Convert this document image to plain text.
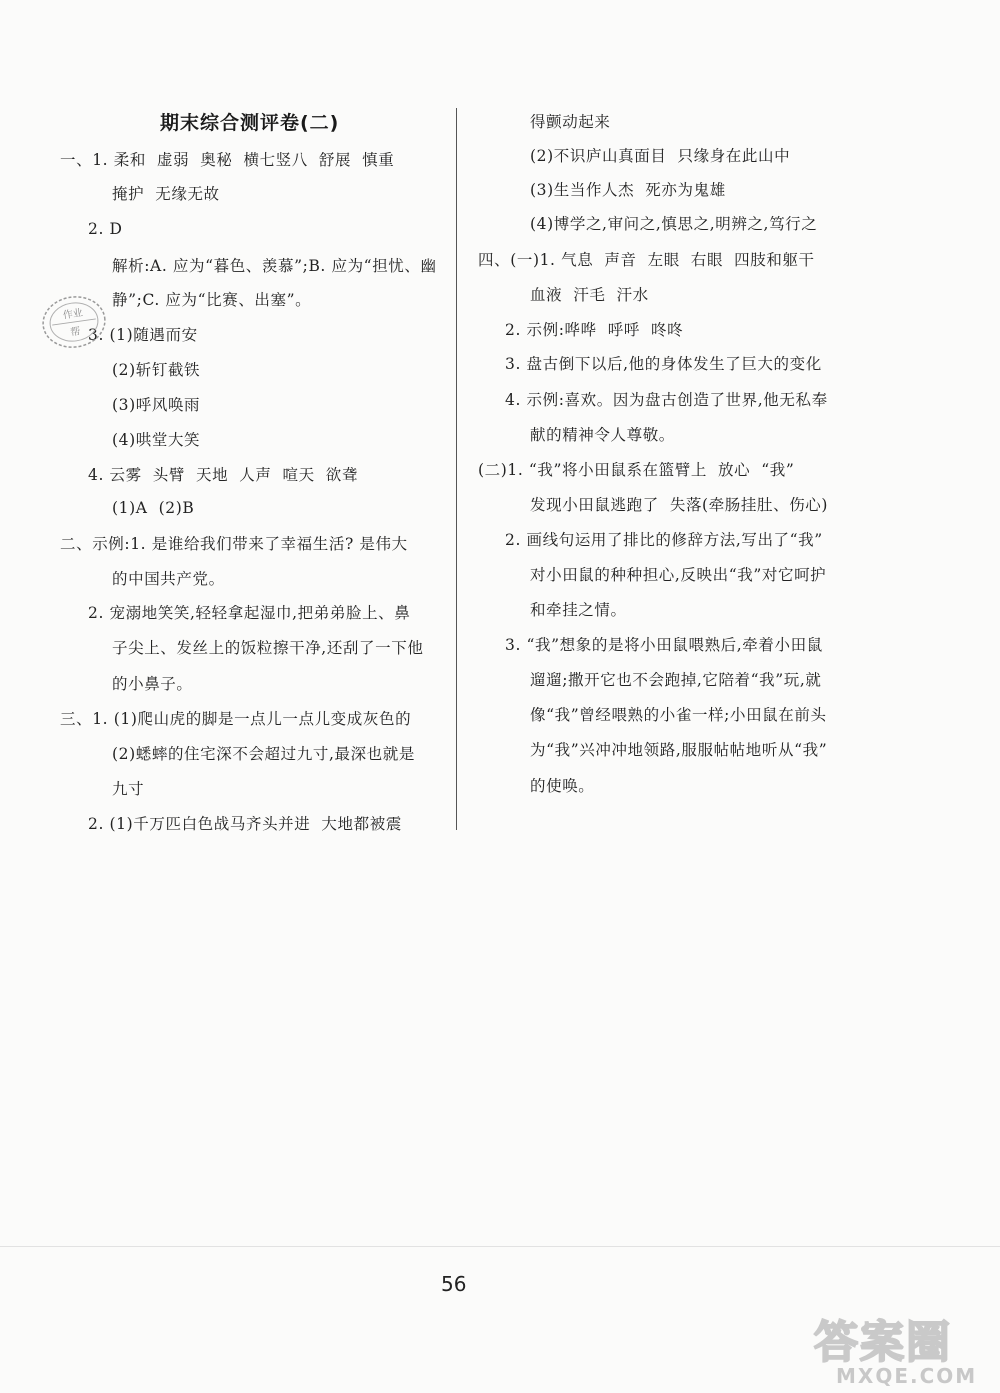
期末综合测评卷(二)
一、1. 柔和  虚弱  奥秘  横七竖八  舒展  慎重
掩护  无缘无故
2. D
解析:A. 应为“暮色、羡慕”;B. 应为“担忧、幽
静”;C. 应为“比赛、出塞”。
3. (1)随遇而安
(2)斩钉截铁
(3)呼风唤雨
(4)哄堂大笑
4. 云雾  头臂  天地  人声  喧天  欲聋
(1)A  (2)B
二、示例:1. 是谁给我们带来了幸福生活? 是伟大
的中国共产党。
2. 宠溺地笑笑,轻轻拿起湿巾,把弟弟脸上、鼻
子尖上、发丝上的饭粒擦干净,还刮了一下他
的小鼻子。
三、1. (1)爬山虎的脚是一点儿一点儿变成灰色的
(2)蟋蟀的住宅深不会超过九寸,最深也就是
九寸
2. (1)千万匹白色战马齐头并进  大地都被震
得颤动起来
(2)不识庐山真面目  只缘身在此山中
(3)生当作人杰  死亦为鬼雄
(4)博学之,审问之,慎思之,明辨之,笃行之
四、(一)1. 气息  声音  左眼  右眼  四肢和躯干
血液  汗毛  汗水
2. 示例:哗哗  呼呼  咚咚
3. 盘古倒下以后,他的身体发生了巨大的变化
4. 示例:喜欢。因为盘古创造了世界,他无私奉
献的精神令人尊敬。
(二)1. “我”将小田鼠系在篮臂上  放心  “我”
发现小田鼠逃跑了  失落(牵肠挂肚、伤心)
2. 画线句运用了排比的修辞方法,写出了“我”
对小田鼠的种种担心,反映出“我”对它呵护
和牵挂之情。
3. “我”想象的是将小田鼠喂熟后,牵着小田鼠
遛遛;撒开它也不会跑掉,它陪着“我”玩,就
像“我”曾经喂熟的小雀一样;小田鼠在前头
为“我”兴冲冲地领路,服服帖帖地听从“我”
的使唤。
作业
帮
56
答案圈
MXQE.COM
